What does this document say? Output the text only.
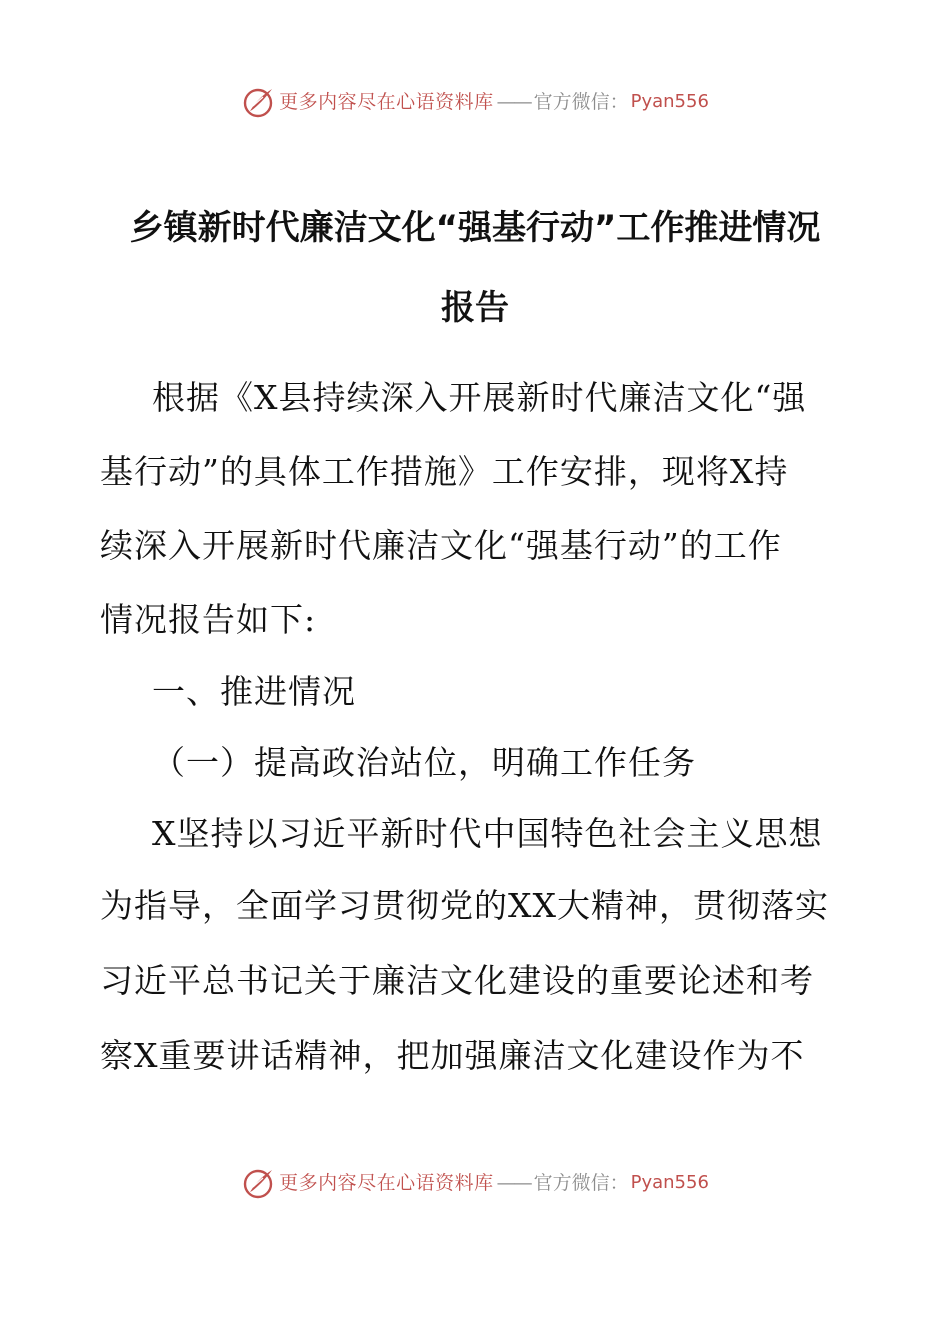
更多内容尽在心语资料库 —— 官方微信： Pyan556
乡镇新时代廉洁文化“强基行动”工作推进情况
报告

根据《X县持续深入开展新时代廉洁文化“强

基行动”的具体工作措施》工作安排，现将X持

续深入开展新时代廉洁文化“强基行动”的工作

情况报告如下:

一、推进情况

（一）提高政治站位，明确工作任务

X坚持以习近平新时代中国特色社会主义思想

为指导，全面学习贯彻党的XX大精神，贯彻落实

习近平总书记关于廉洁文化建设的重要论述和考

察X重要讲话精神，把加强廉洁文化建设作为不

更多内容尽在心语资料库 —— 官方微信： Pyan556
